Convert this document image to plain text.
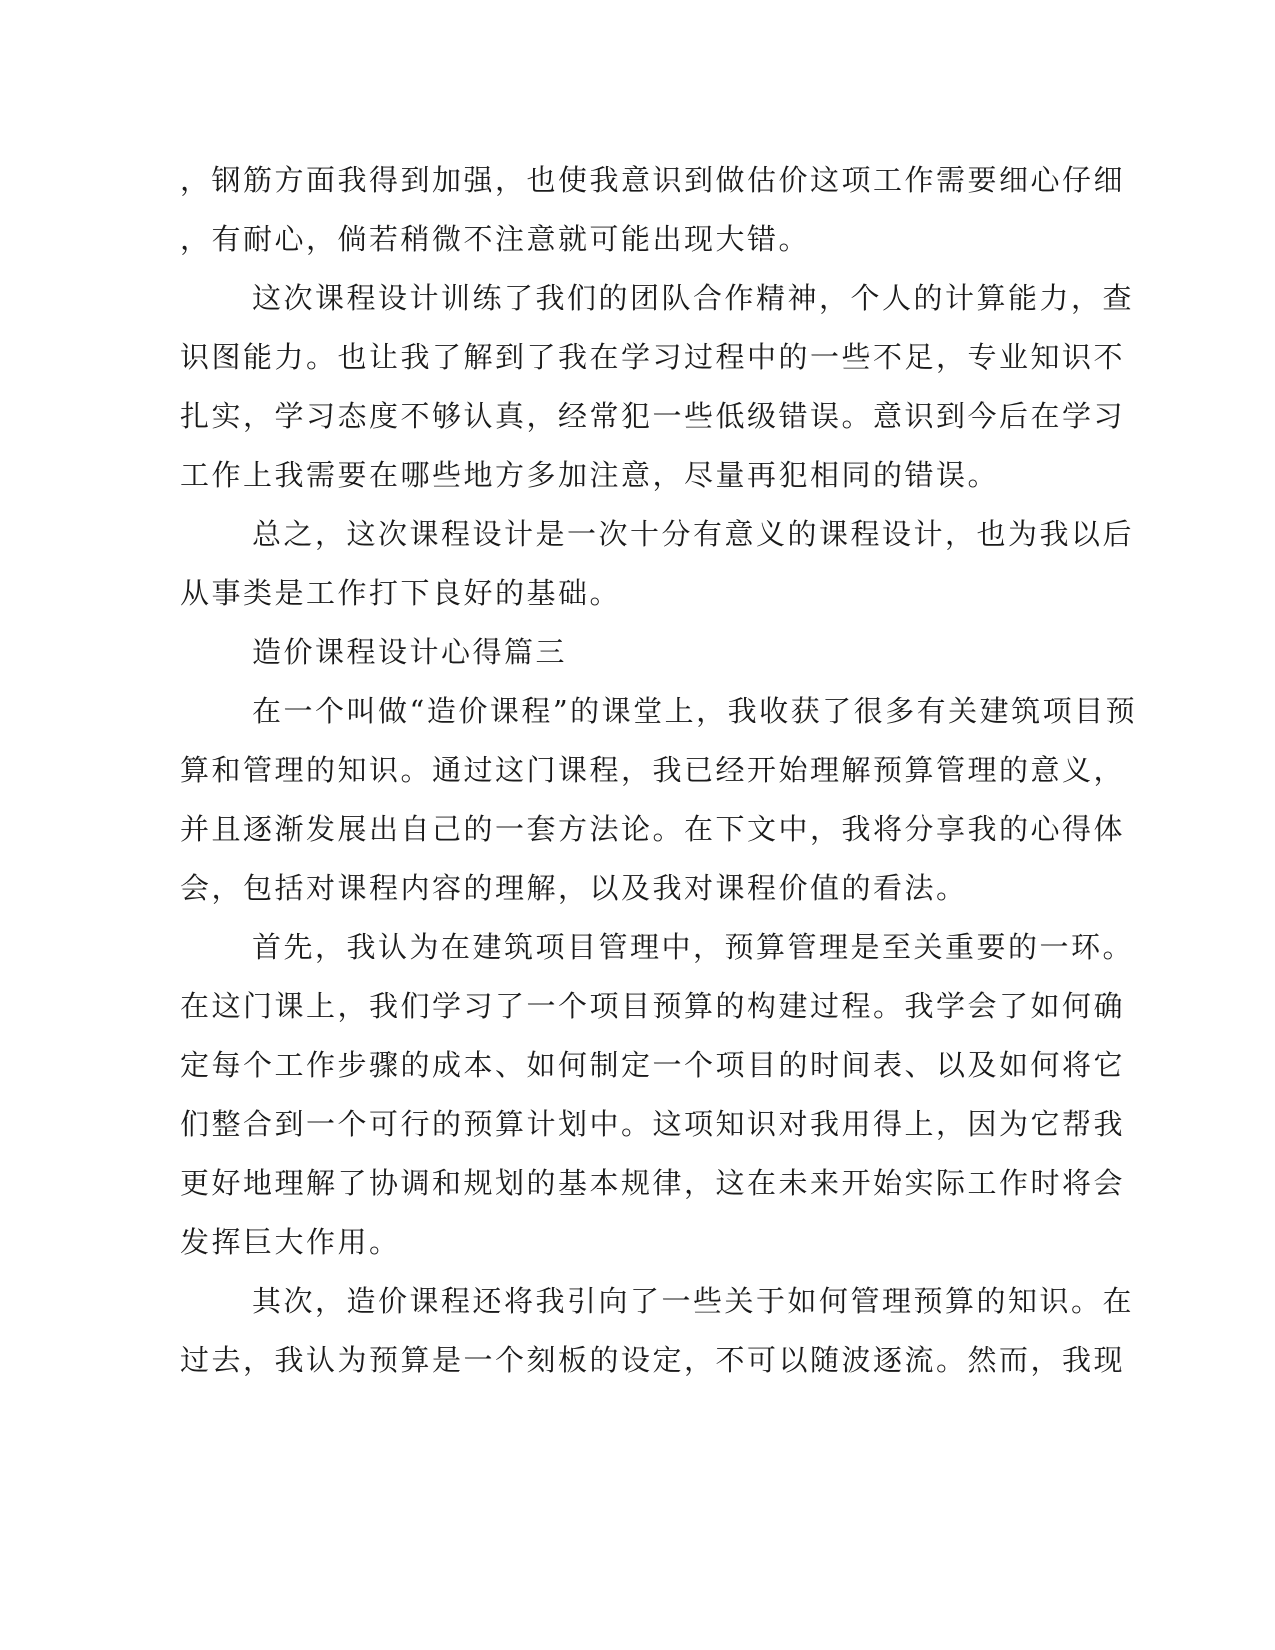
，钢筋方面我得到加强，也使我意识到做估价这项工作需要细心仔细

，有耐心，倘若稍微不注意就可能出现大错。

这次课程设计训练了我们的团队合作精神，个人的计算能力，查

识图能力。也让我了解到了我在学习过程中的一些不足，专业知识不

扎实，学习态度不够认真，经常犯一些低级错误。意识到今后在学习

工作上我需要在哪些地方多加注意，尽量再犯相同的错误。

总之，这次课程设计是一次十分有意义的课程设计，也为我以后

从事类是工作打下良好的基础。

造价课程设计心得篇三

在一个叫做“造价课程”的课堂上，我收获了很多有关建筑项目预

算和管理的知识。通过这门课程，我已经开始理解预算管理的意义，

并且逐渐发展出自己的一套方法论。在下文中，我将分享我的心得体

会，包括对课程内容的理解，以及我对课程价值的看法。

首先，我认为在建筑项目管理中，预算管理是至关重要的一环。

在这门课上，我们学习了一个项目预算的构建过程。我学会了如何确

定每个工作步骤的成本、如何制定一个项目的时间表、以及如何将它

们整合到一个可行的预算计划中。这项知识对我用得上，因为它帮我

更好地理解了协调和规划的基本规律，这在未来开始实际工作时将会

发挥巨大作用。

其次，造价课程还将我引向了一些关于如何管理预算的知识。在

过去，我认为预算是一个刻板的设定，不可以随波逐流。然而，我现
